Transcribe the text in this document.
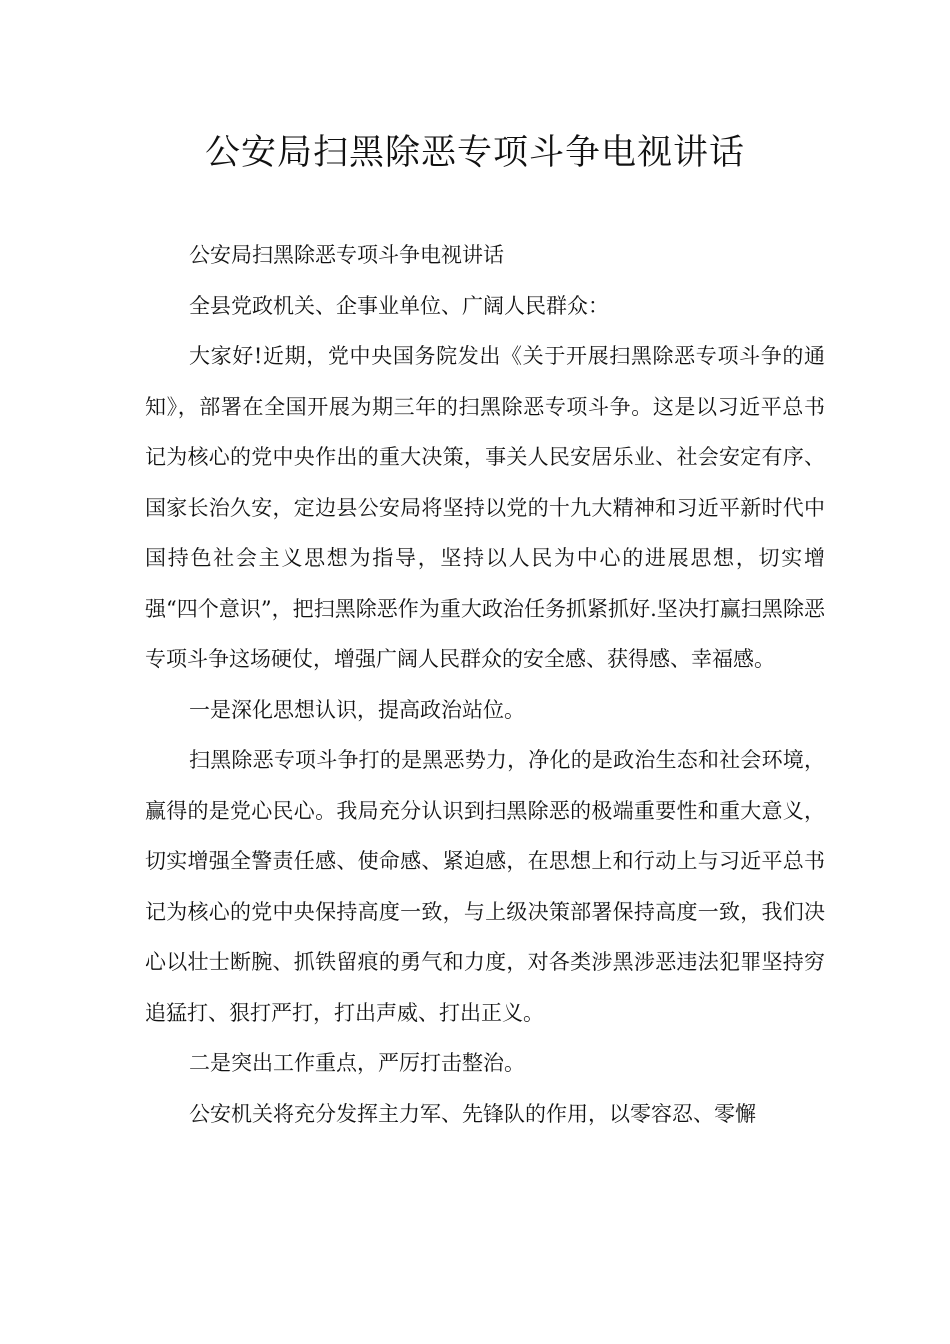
公安局扫黑除恶专项斗争电视讲话

公安局扫黑除恶专项斗争电视讲话

全县党政机关、企事业单位、广阔人民群众：

大家好!近期，党中央国务院发出《关于开展扫黑除恶专项斗争的通知》，部署在全国开展为期三年的扫黑除恶专项斗争。这是以习近平总书记为核心的党中央作出的重大决策，事关人民安居乐业、社会安定有序、国家长治久安，定边县公安局将坚持以党的十九大精神和习近平新时代中国持色社会主义思想为指导，坚持以人民为中心的进展思想，切实增强“四个意识”，把扫黑除恶作为重大政治任务抓紧抓好.坚决打赢扫黑除恶专项斗争这场硬仗，增强广阔人民群众的安全感、获得感、幸福感。

一是深化思想认识，提高政治站位。

扫黑除恶专项斗争打的是黑恶势力，净化的是政治生态和社会环境，赢得的是党心民心。我局充分认识到扫黑除恶的极端重要性和重大意义，切实增强全警责任感、使命感、紧迫感，在思想上和行动上与习近平总书记为核心的党中央保持高度一致，与上级决策部署保持高度一致，我们决心以壮士断腕、抓铁留痕的勇气和力度，对各类涉黑涉恶违法犯罪坚持穷追猛打、狠打严打，打出声威、打出正义。

二是突出工作重点，严厉打击整治。

公安机关将充分发挥主力军、先锋队的作用，以零容忍、零懈
